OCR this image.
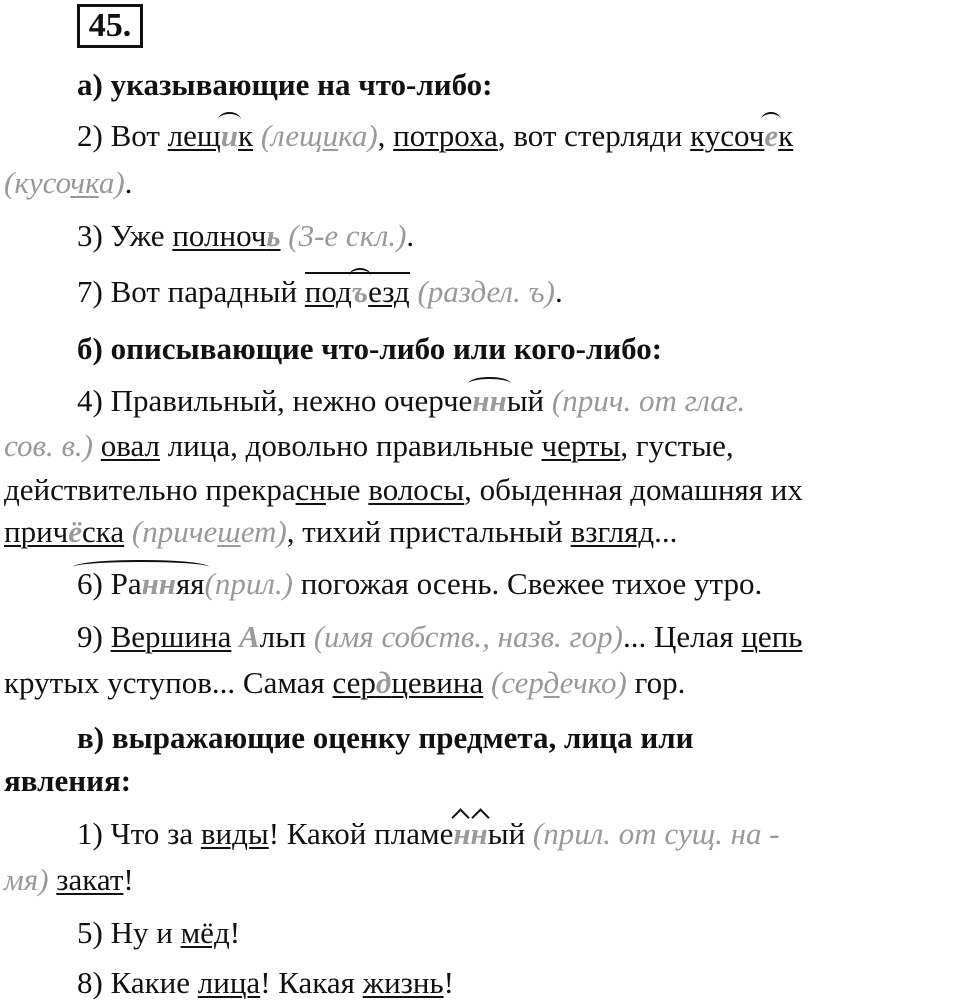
45.
а) указывающие на что-либо:
2) Вот лещик (лещика), потроха, вот стерляди кусочек
(кусочка).
3) Уже полночь (3-е скл.).
7) Вот парадный подъезд (раздел. ъ).
б) описывающие что-либо или кого-либо:
4) Правильный, нежно очерченный (прич. от глаг.
сов. в.) овал лица, довольно правильные черты, густые,
действительно прекрасные волосы, обыденная домашняя их
причёска (причешет), тихий пристальный взгляд...
6) Ранняя(прил.) погожая осень. Свежее тихое утро.
9) Вершина Альп (имя собств., назв. гор)... Целая цепь
крутых уступов... Самая сердцевина (сердечко) гор.
в) выражающие оценку предмета, лица или
явления:
1) Что за виды! Какой пламенный (прил. от сущ. на -
мя) закат!
5) Ну и мёд!
8) Какие лица! Какая жизнь!
